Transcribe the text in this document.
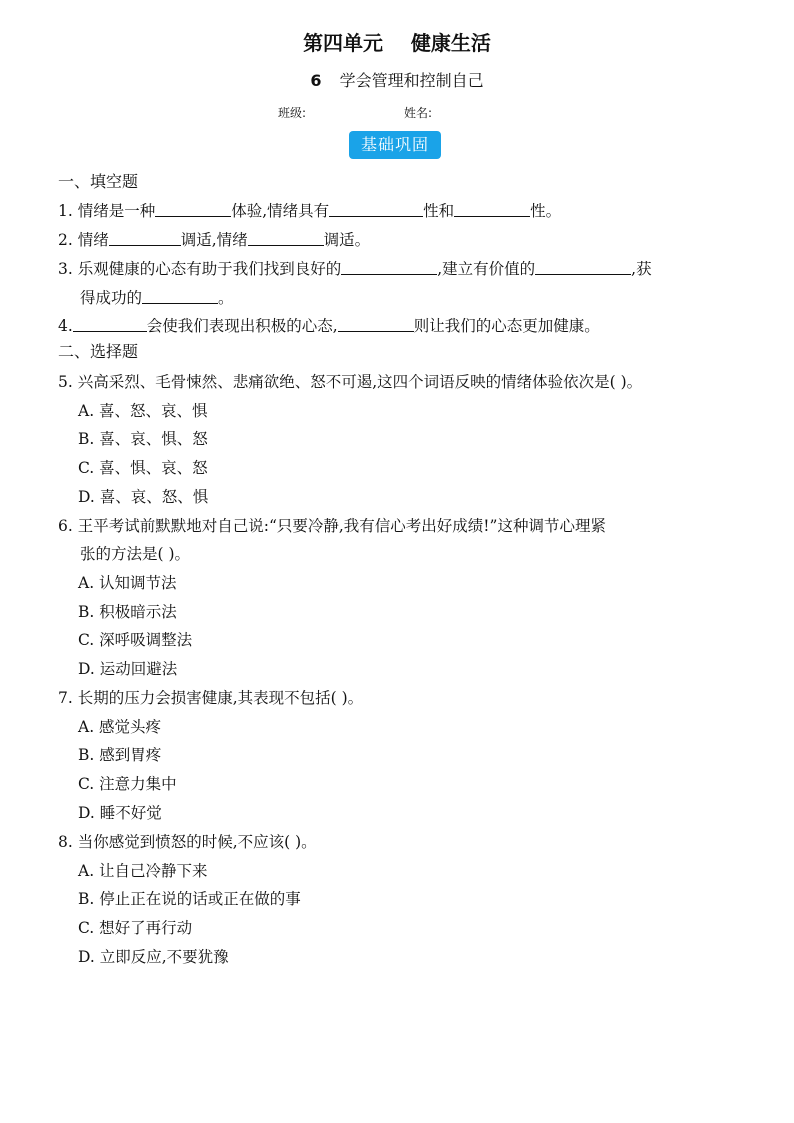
第四单元    健康生活
6 学会管理和控制自己
班级:	姓名:
基础巩固
一、填空题
1. 情绪是一种	体验,情绪具有	性和	性。
2. 情绪	调适,情绪	调适。
3. 乐观健康的心态有助于我们找到良好的	,建立有价值的	,获
得成功的	。
4.	会使我们表现出积极的心态,	则让我们的心态更加健康。
二、选择题
5. 兴高采烈、毛骨悚然、悲痛欲绝、怒不可遏,这四个词语反映的情绪体验依次是( )。
A. 喜、怒、哀、惧
B. 喜、哀、惧、怒
C. 喜、惧、哀、怒
D. 喜、哀、怒、惧
6. 王平考试前默默地对自己说:“只要冷静,我有信心考出好成绩!”这种调节心理紧
张的方法是( )。
A. 认知调节法
B. 积极暗示法
C. 深呼吸调整法
D. 运动回避法
7. 长期的压力会损害健康,其表现不包括( )。
A. 感觉头疼
B. 感到胃疼
C. 注意力集中
D. 睡不好觉
8. 当你感觉到愤怒的时候,不应该( )。
A. 让自己冷静下来
B. 停止正在说的话或正在做的事
C. 想好了再行动
D. 立即反应,不要犹豫
